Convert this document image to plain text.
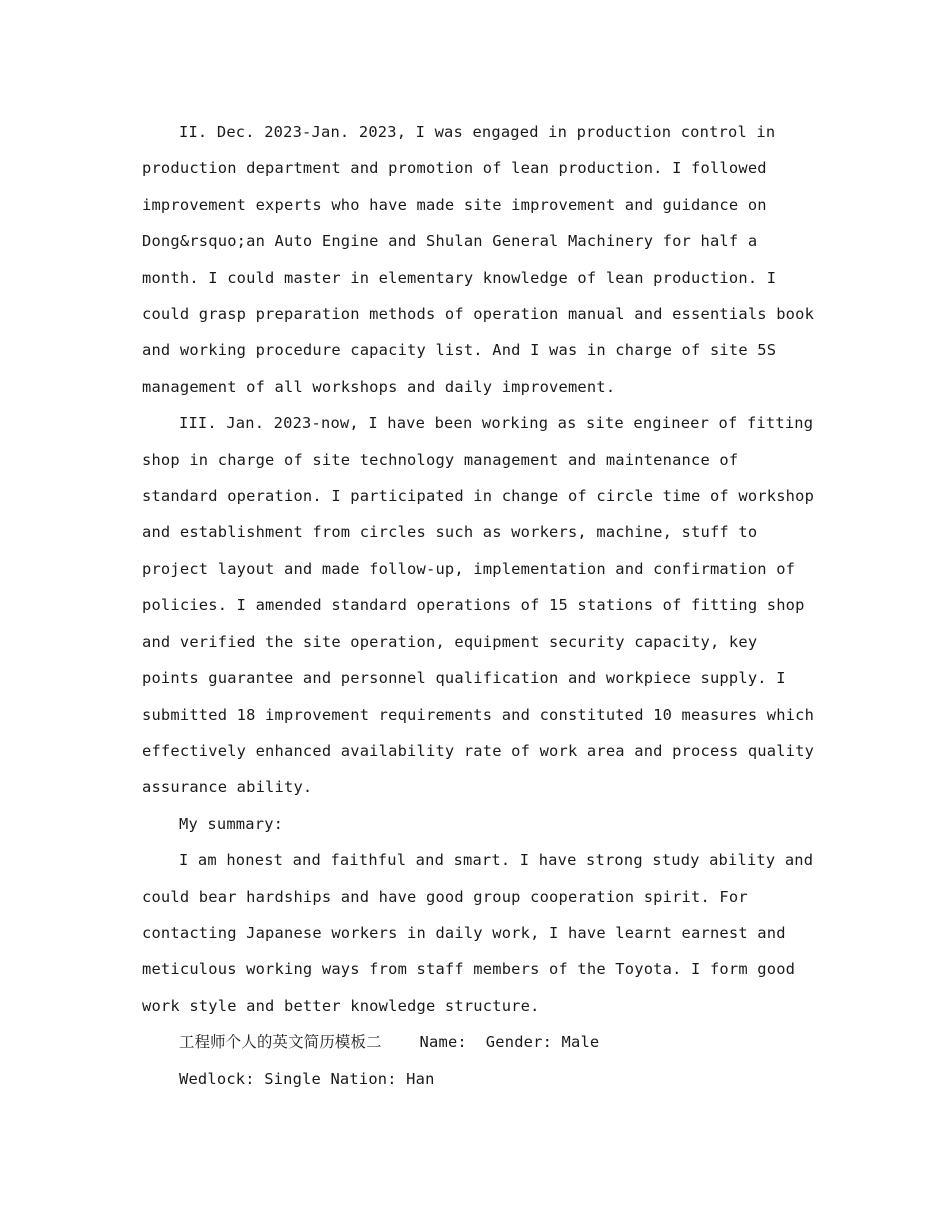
II. Dec. 2023-Jan. 2023, I was engaged in production control in
production department and promotion of lean production. I followed
improvement experts who have made site improvement and guidance on
Dong&rsquo;an Auto Engine and Shulan General Machinery for half a
month. I could master in elementary knowledge of lean production. I
could grasp preparation methods of operation manual and essentials book
and working procedure capacity list. And I was in charge of site 5S
management of all workshops and daily improvement.
III. Jan. 2023-now, I have been working as site engineer of fitting
shop in charge of site technology management and maintenance of
standard operation. I participated in change of circle time of workshop
and establishment from circles such as workers, machine, stuff to
project layout and made follow-up, implementation and confirmation of
policies. I amended standard operations of 15 stations of fitting shop
and verified the site operation, equipment security capacity, key
points guarantee and personnel qualification and workpiece supply. I
submitted 18 improvement requirements and constituted 10 measures which
effectively enhanced availability rate of work area and process quality
assurance ability.
My summary:
I am honest and faithful and smart. I have strong study ability and
could bear hardships and have good group cooperation spirit. For
contacting Japanese workers in daily work, I have learnt earnest and
meticulous working ways from staff members of the Toyota. I form good
work style and better knowledge structure.
工程师个人的英文简历模板二    Name:  Gender: Male
Wedlock: Single Nation: Han
